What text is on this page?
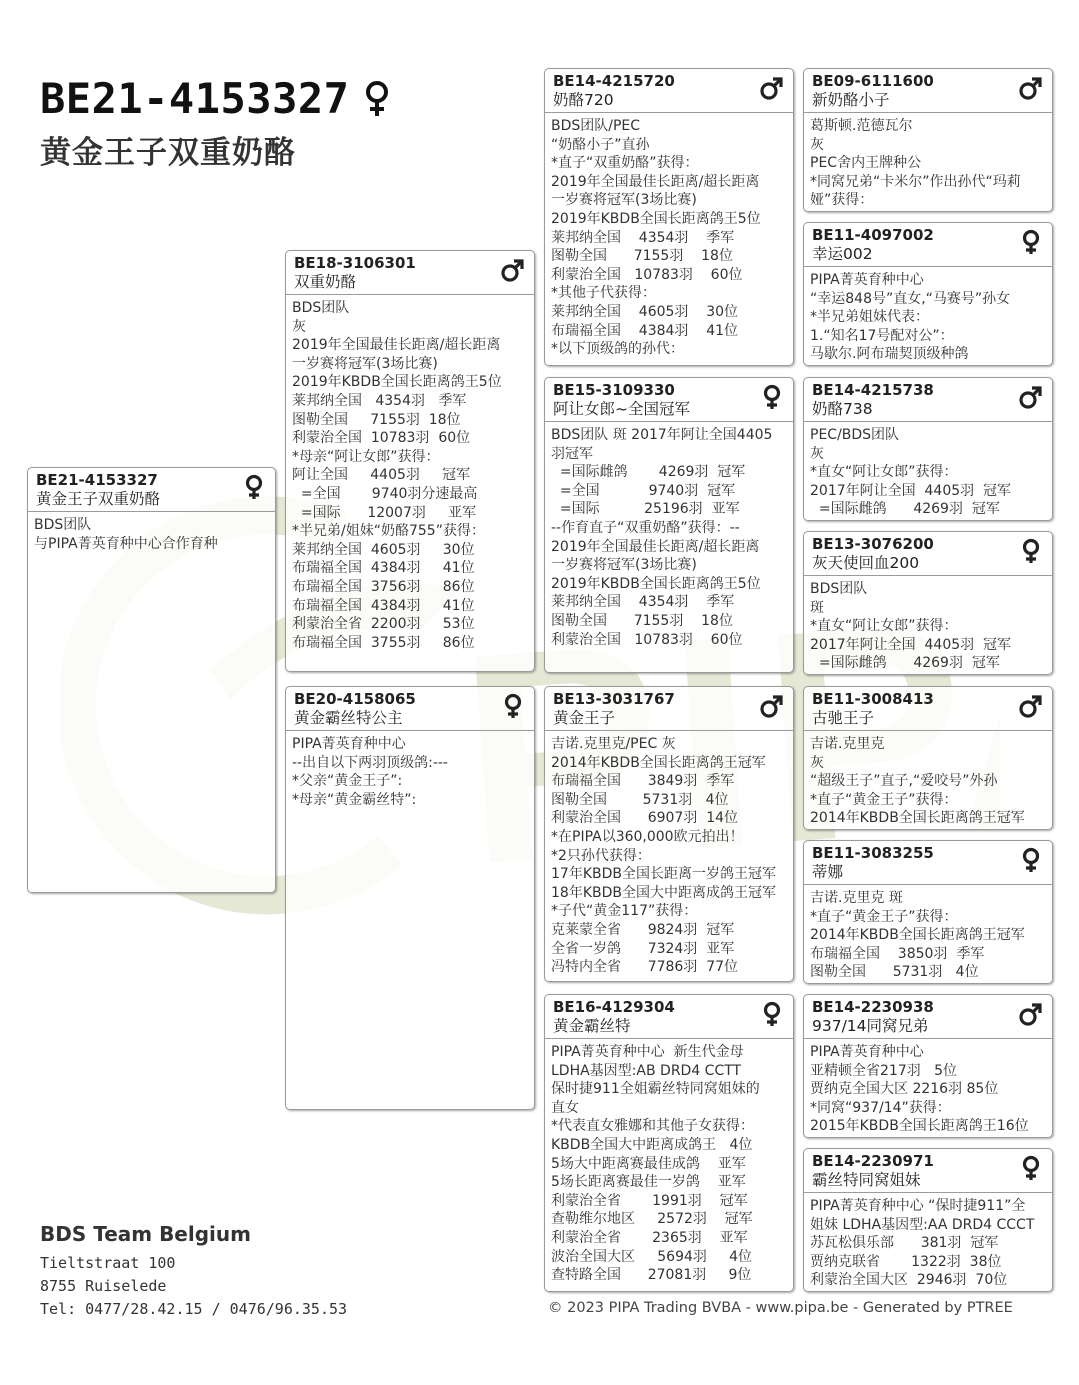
BE21-4153327
黄金王子双重奶酪
BE21-4153327
黄金王子双重奶酪
BDS团队
与PIPA菁英育种中心合作育种
BE18-3106301
双重奶酪
BDS团队
灰
2019年全国最佳长距离/超长距离
一岁赛将冠军(3场比赛)
2019年KBDB全国长距离鸽王5位
莱邦纳全国   4354羽   季军
图勒全国     7155羽  18位
利蒙治全国  10783羽  60位
*母亲“阿让女郎”获得：
阿让全国     4405羽     冠军
=全国       9740羽分速最高
=国际      12007羽     亚军
*半兄弟/姐妹“奶酪755”获得：
莱邦纳全国  4605羽     30位
布瑞福全国  4384羽     41位
布瑞福全国  3756羽     86位
布瑞福全国  4384羽     41位
利蒙治全省  2200羽     53位
布瑞福全国  3755羽     86位
BE20-4158065
黄金霸丝特公主
PIPA菁英育种中心
--出自以下两羽顶级鸽:---
*父亲“黄金王子”:
*母亲“黄金霸丝特”:
BE14-4215720
奶酪720
BDS团队/PEC
“奶酪小子”直孙
*直子“双重奶酪”获得：
2019年全国最佳长距离/超长距离
一岁赛将冠军(3场比赛)
2019年KBDB全国长距离鸽王5位
莱邦纳全国    4354羽    季军
图勒全国      7155羽    18位
利蒙治全国   10783羽    60位
*其他子代获得：
莱邦纳全国    4605羽    30位
布瑞福全国    4384羽    41位
*以下顶级鸽的孙代：
BE15-3109330
阿让女郎~全国冠军
BDS团队 斑 2017年阿让全国4405
羽冠军
=国际雌鸽       4269羽  冠军
=全国           9740羽  冠军
=国际          25196羽  亚军
--作育直子“双重奶酪”获得：--
2019年全国最佳长距离/超长距离
一岁赛将冠军(3场比赛)
2019年KBDB全国长距离鸽王5位
莱邦纳全国    4354羽    季军
图勒全国      7155羽    18位
利蒙治全国   10783羽    60位
BE13-3031767
黄金王子
吉诺.克里克/PEC 灰
2014年KBDB全国长距离鸽王冠军
布瑞福全国      3849羽  季军
图勒全国        5731羽   4位
利蒙治全国      6907羽  14位
*在PIPA以360,000欧元拍出！
*2只孙代获得：
17年KBDB全国长距离一岁鸽王冠军
18年KBDB全国大中距离成鸽王冠军
*子代“黄金117”获得：
克莱蒙全省      9824羽  冠军
全省一岁鸽      7324羽  亚军
冯特内全省      7786羽  77位
BE16-4129304
黄金霸丝特
PIPA菁英育种中心  新生代金母
LDHA基因型:AB DRD4 CCTT
保时捷911全姐霸丝特同窝姐妹的
直女
*代表直女雅娜和其他子女获得：
KBDB全国大中距离成鸽王   4位
5场大中距离赛最佳成鸽    亚军
5场长距离赛最佳一岁鸽    亚军
利蒙治全省       1991羽    冠军
查勒维尔地区     2572羽    冠军
利蒙治全省       2365羽    亚军
波治全国大区     5694羽     4位
查特路全国      27081羽     9位
BE09-6111600
新奶酪小子
葛斯顿.范德瓦尔
灰
PEC舍内王牌种公
*同窝兄弟“卡米尔”作出孙代“玛莉
娅”获得：
BE11-4097002
幸运002
PIPA菁英育种中心
“幸运848号”直女,“马赛号”孙女
*半兄弟姐妹代表：
1.“知名17号配对公”：
马歇尔.阿布瑞契顶级种鸽
BE14-4215738
奶酪738
PEC/BDS团队
灰
*直女“阿让女郎”获得：
2017年阿让全国  4405羽  冠军
=国际雌鸽      4269羽  冠军
BE13-3076200
灰天使回血200
BDS团队
斑
*直女“阿让女郎”获得：
2017年阿让全国  4405羽  冠军
=国际雌鸽      4269羽  冠军
BE11-3008413
古驰王子
吉诺.克里克
灰
“超级王子”直子,“爱咬号”外孙
*直子“黄金王子”获得：
2014年KBDB全国长距离鸽王冠军
BE11-3083255
蒂娜
吉诺.克里克 斑
*直子“黄金王子”获得：
2014年KBDB全国长距离鸽王冠军
布瑞福全国    3850羽  季军
图勒全国      5731羽   4位
BE14-2230938
937/14同窝兄弟
PIPA菁英育种中心
亚精顿全省217羽   5位
贾纳克全国大区 2216羽 85位
*同窝“937/14”获得：
2015年KBDB全国长距离鸽王16位
BE14-2230971
霸丝特同窝姐妹
PIPA菁英育种中心 “保时捷911”全
姐妹 LDHA基因型:AA DRD4 CCCT
苏瓦松俱乐部      381羽  冠军
贾纳克联省       1322羽  38位
利蒙治全国大区  2946羽  70位
BDS Team Belgium
Tieltstraat 100
8755 Ruiselede
Tel: 0477/28.42.15 / 0476/96.35.53	© 2023 PIPA Trading BVBA - www.pipa.be - Generated by PTREE
